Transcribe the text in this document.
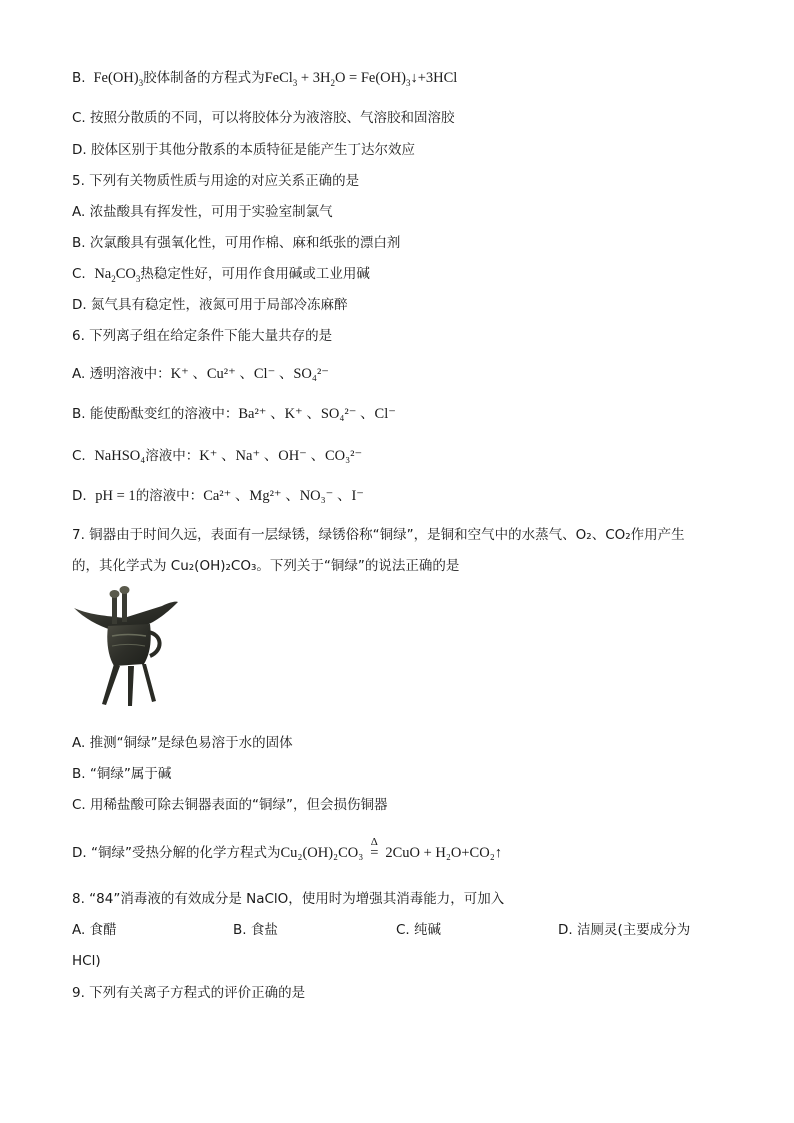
B. $Fe(OH)_3$胶体制备的方程式为FeCl$_3$ + $3H_2O$ = $Fe(OH)_3↓+3HCl$
C. 按照分散质的不同，可以将胶体分为液溶胶、气溶胶和固溶胶
D. 胶体区别于其他分散系的本质特征是能产生丁达尔效应
5. 下列有关物质性质与用途的对应关系正确的是
A. 浓盐酸具有挥发性，可用于实验室制氯气
B. 次氯酸具有强氧化性，可用作棉、麻和纸张的漂白剂
C. $Na_2CO_3$热稳定性好，可用作食用碱或工业用碱
D. 氮气具有稳定性，液氮可用于局部冷冻麻醉
6. 下列离子组在给定条件下能大量共存的是
A. 透明溶液中：K⁺ 、Cu²⁺ 、Cl⁻ 、SO₄²⁻
B. 能使酚酞变红的溶液中：Ba²⁺ 、K⁺ 、SO₄²⁻ 、Cl⁻
C. NaHSO₄溶液中：K⁺ 、Na⁺ 、OH⁻ 、CO₃²⁻
D. pH = 1的溶液中：Ca²⁺ 、Mg²⁺ 、NO₃⁻ 、I⁻
7. 铜器由于时间久远，表面有一层绿锈，绿锈俗称“铜绿”，是铜和空气中的水蒸气、O₂、CO₂作用产生
的，其化学式为 Cu₂(OH)₂CO₃。下列关于“铜绿”的说法正确的是
A. 推测“铜绿”是绿色易溶于水的固体
B. “铜绿”属于碱
C. 用稀盐酸可除去铜器表面的“铜绿”，但会损伤铜器
D. “铜绿”受热分解的化学方程式为Cu₂(OH)₂CO₃
Δ
= 2CuO + H₂O+CO₂↑
8. “84”消毒液的有效成分是 NaClO，使用时为增强其消毒能力，可加入
A. 食醋	B. 食盐	C. 纯碱	D. 洁厕灵(主要成分为
HCl)
9. 下列有关离子方程式的评价正确的是
